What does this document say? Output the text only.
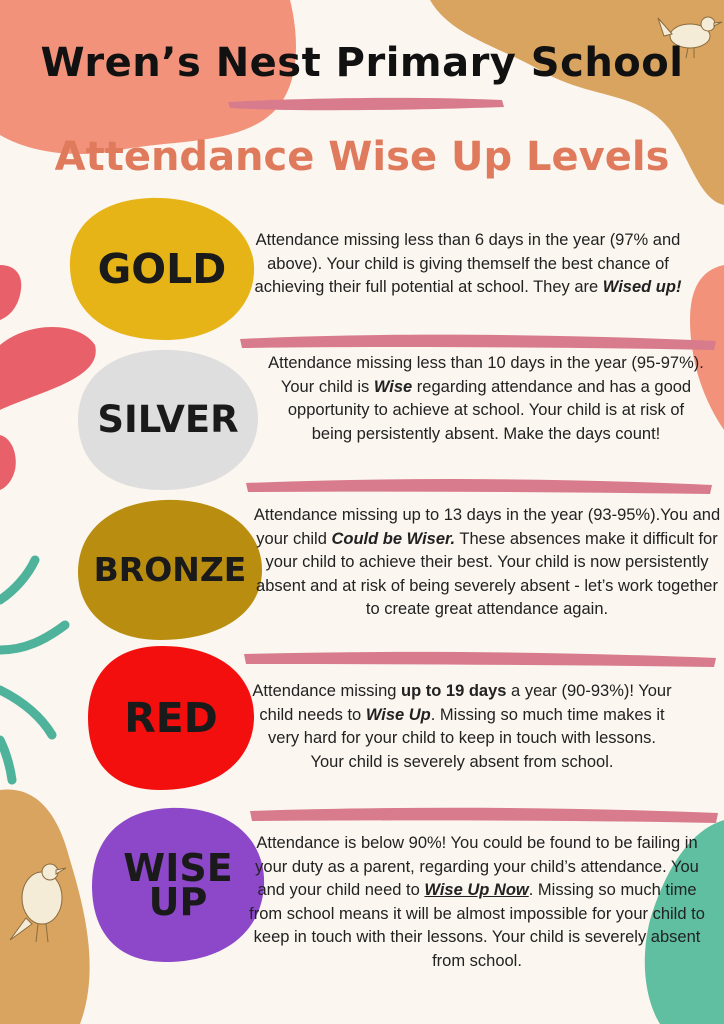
Wren’s Nest Primary School
Attendance Wise Up Levels
GOLD
SILVER
BRONZE
RED
WISE
UP
Attendance missing less than 6 days in the year (97% and above). Your child is giving themself the best chance of achieving their full potential at school. They are Wised up!
Attendance missing less than 10 days in the year (95-97%). Your child is Wise regarding attendance and has a good opportunity to achieve at school. Your child is at risk of being persistently absent. Make the days count!
Attendance missing up to 13 days in the year (93-95%).You and your child Could be Wiser. These absences make it difficult for your child to achieve their best. Your child is now persistently absent and at risk of being severely absent - let’s work together to create great attendance again.
Attendance missing up to 19 days a year (90-93%)! Your child needs to Wise Up. Missing so much time makes it very hard for your child to keep in touch with lessons. Your child is severely absent from school.
Attendance is below 90%! You could be found to be failing in your duty as a parent, regarding your child’s attendance. You and your child need to Wise Up Now. Missing so much time from school means it will be almost impossible for your child to keep in touch with their lessons. Your child is severely absent from school.
